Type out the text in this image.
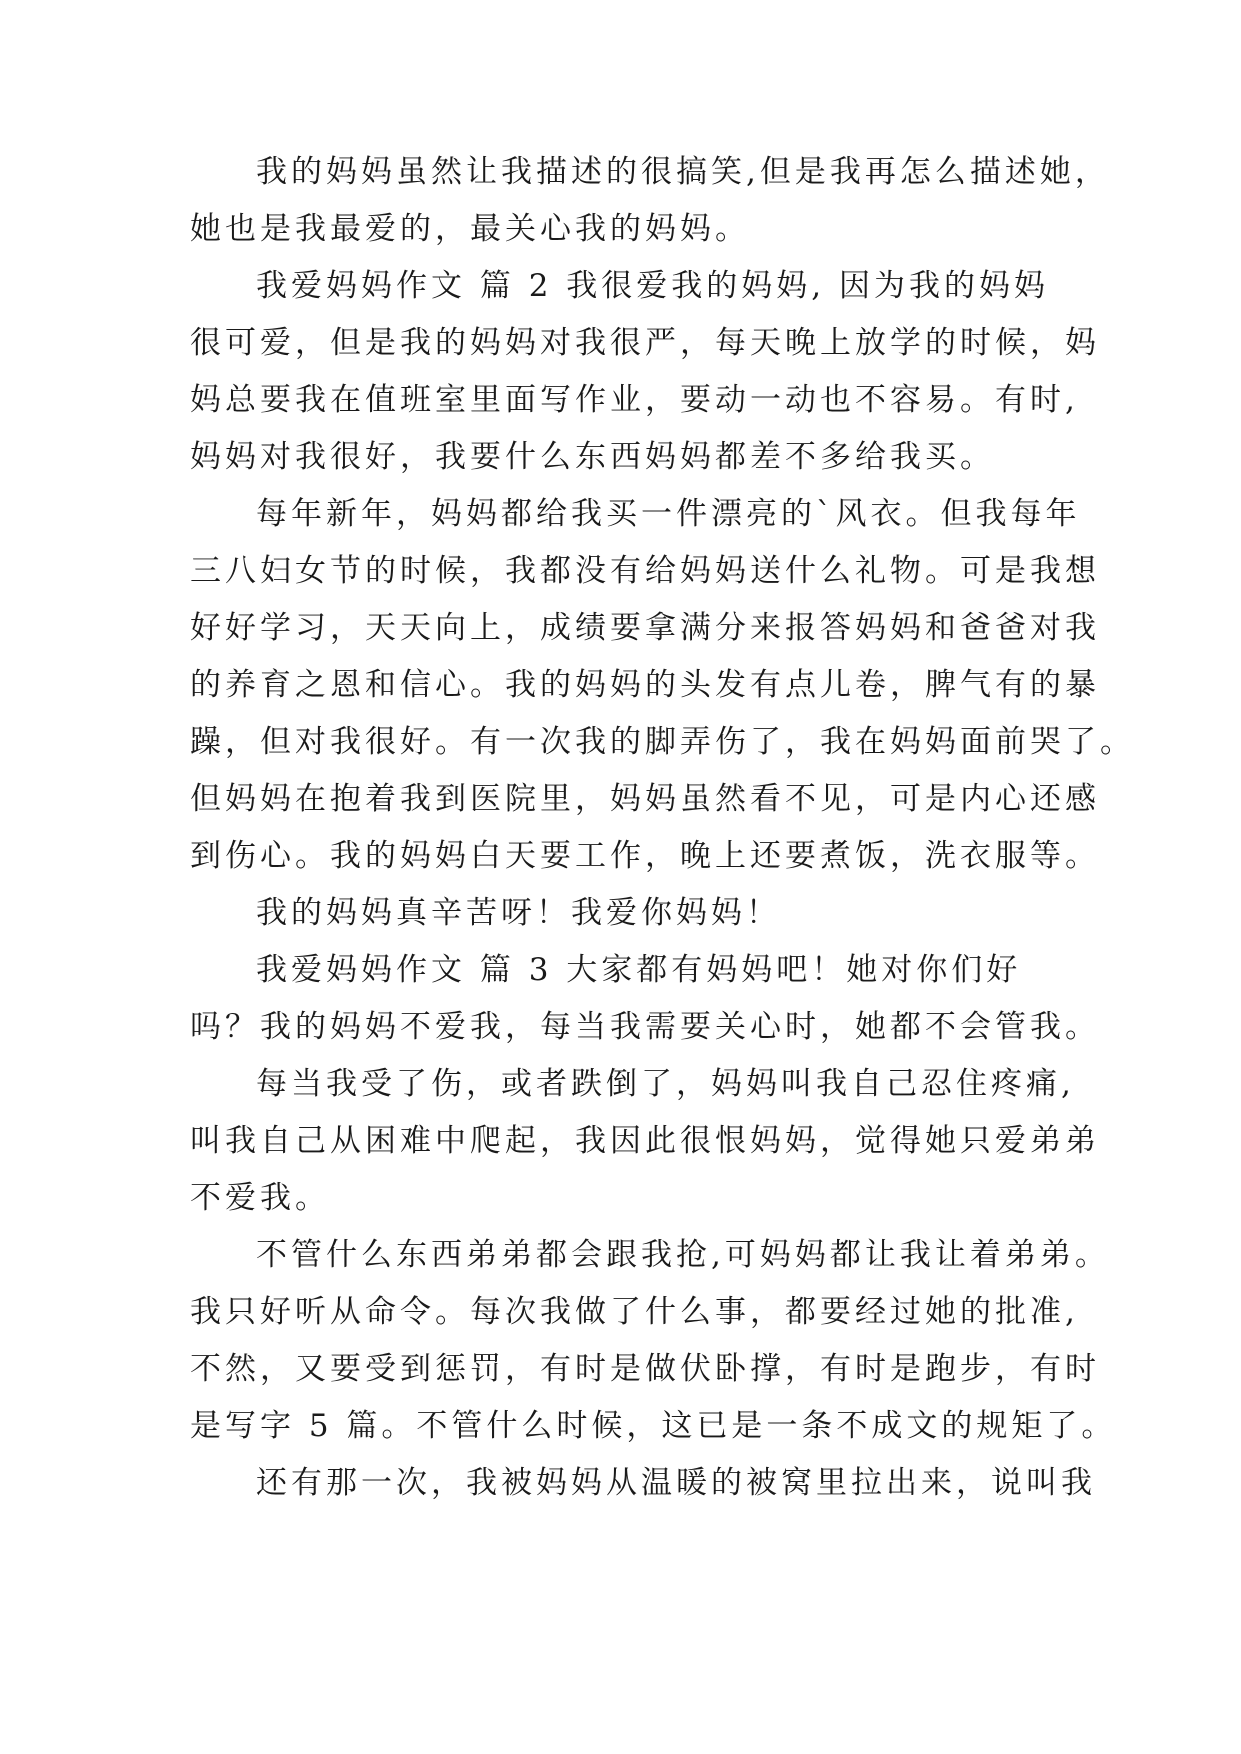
我的妈妈虽然让我描述的很搞笑,但是我再怎么描述她，

她也是我最爱的，最关心我的妈妈。

我爱妈妈作文 篇 2 我很爱我的妈妈, 因为我的妈妈

很可爱，但是我的妈妈对我很严，每天晚上放学的时候，妈

妈总要我在值班室里面写作业，要动一动也不容易。有时,

妈妈对我很好，我要什么东西妈妈都差不多给我买。

每年新年，妈妈都给我买一件漂亮的`风衣。但我每年

三八妇女节的时候，我都没有给妈妈送什么礼物。可是我想

好好学习，天天向上，成绩要拿满分来报答妈妈和爸爸对我

的养育之恩和信心。我的妈妈的头发有点儿卷，脾气有的暴

躁，但对我很好。有一次我的脚弄伤了，我在妈妈面前哭了。

但妈妈在抱着我到医院里，妈妈虽然看不见，可是内心还感

到伤心。我的妈妈白天要工作，晚上还要煮饭，洗衣服等。

我的妈妈真辛苦呀！我爱你妈妈！

我爱妈妈作文 篇 3 大家都有妈妈吧！她对你们好

吗？我的妈妈不爱我，每当我需要关心时，她都不会管我。

每当我受了伤，或者跌倒了，妈妈叫我自己忍住疼痛,

叫我自己从困难中爬起，我因此很恨妈妈，觉得她只爱弟弟

不爱我。

不管什么东西弟弟都会跟我抢,可妈妈都让我让着弟弟。

我只好听从命令。每次我做了什么事，都要经过她的批准,

不然，又要受到惩罚，有时是做伏卧撑，有时是跑步，有时

是写字 5 篇。不管什么时候，这已是一条不成文的规矩了。

还有那一次，我被妈妈从温暖的被窝里拉出来，说叫我
